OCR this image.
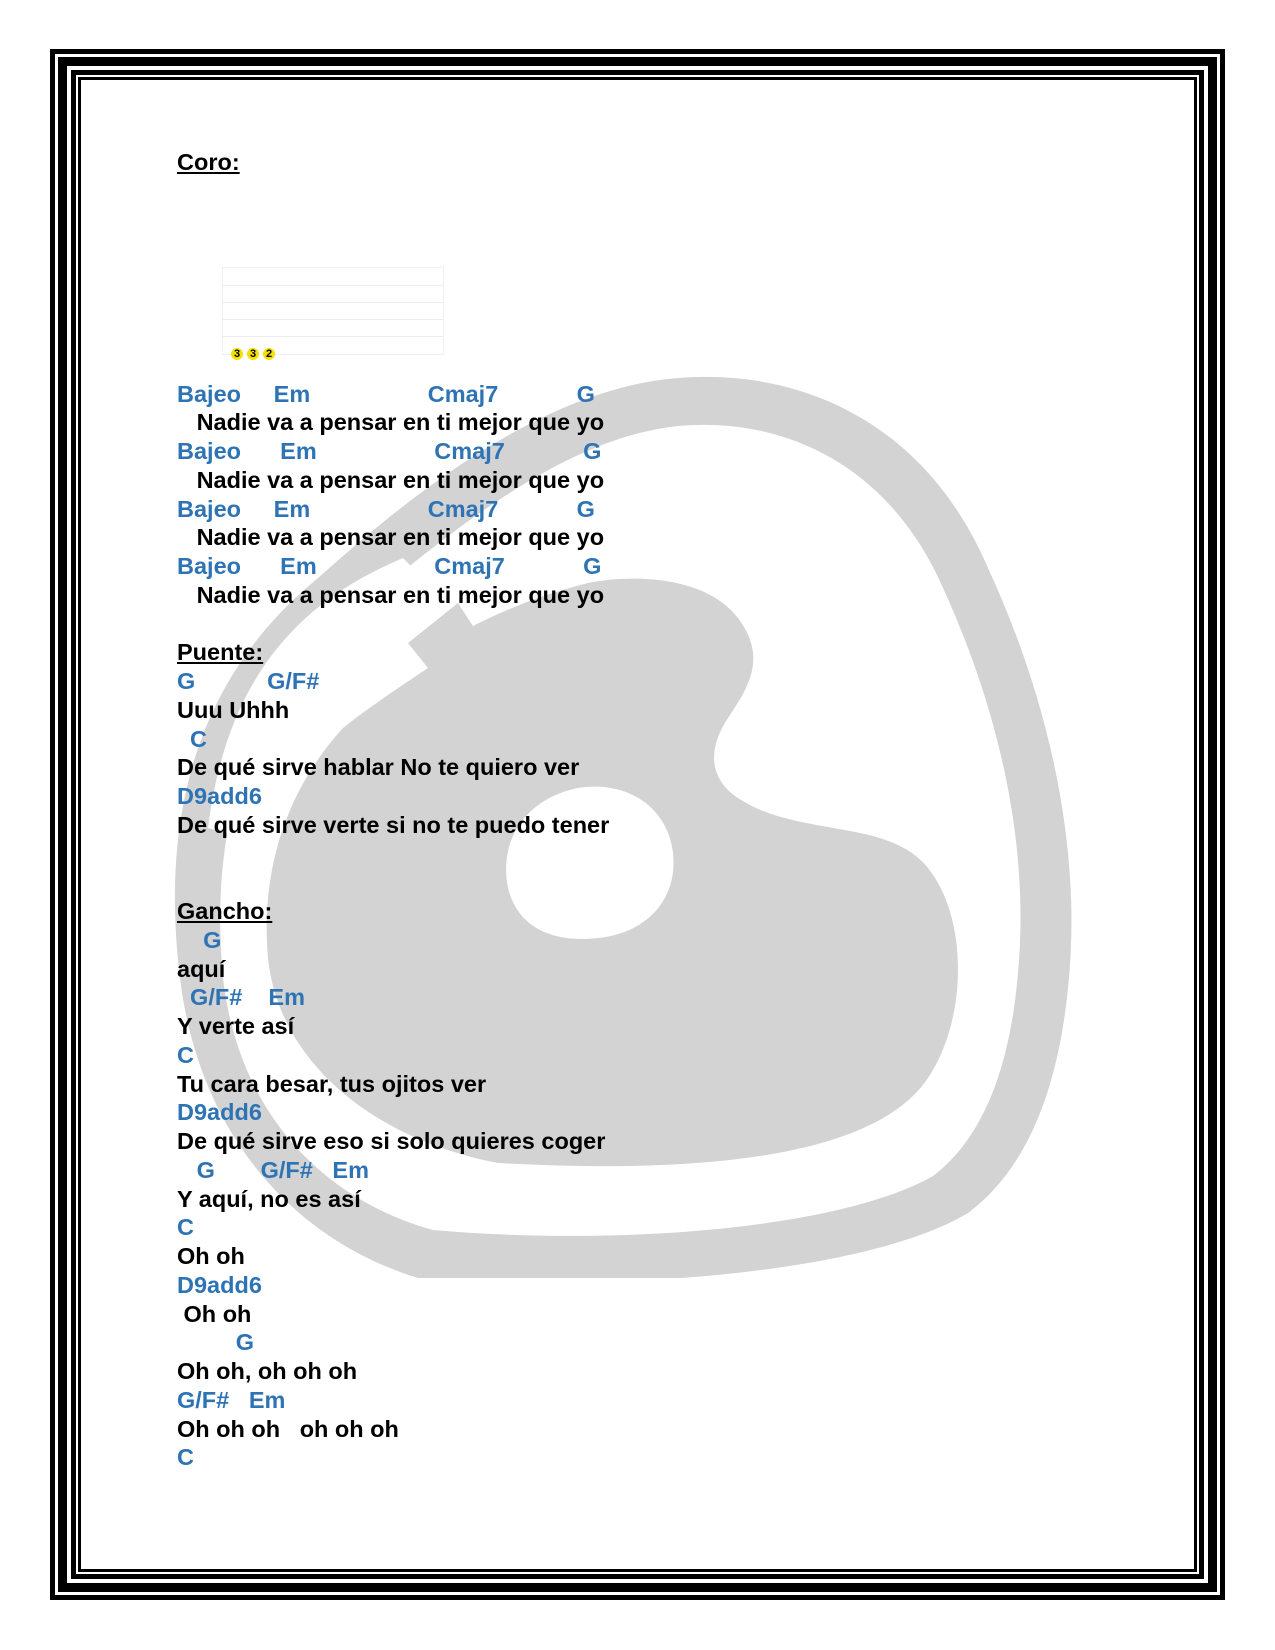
Coro:
3 3 2
Bajeo     Em                  Cmaj7            G
Nadie va a pensar en ti mejor que yo
Bajeo      Em                  Cmaj7            G
Nadie va a pensar en ti mejor que yo
Bajeo     Em                  Cmaj7            G
Nadie va a pensar en ti mejor que yo
Bajeo      Em                  Cmaj7            G
Nadie va a pensar en ti mejor que yo
Puente:
G           G/F#
Uuu Uhhh
C
De qué sirve hablar No te quiero ver
D9add6
De qué sirve verte si no te puedo tener
Gancho:
G
aquí
G/F#    Em
Y verte así
C
Tu cara besar, tus ojitos ver
D9add6
De qué sirve eso si solo quieres coger
G       G/F#   Em
Y aquí, no es así
C
Oh oh
D9add6
Oh oh
G
Oh oh, oh oh oh
G/F#   Em
Oh oh oh   oh oh oh
C
